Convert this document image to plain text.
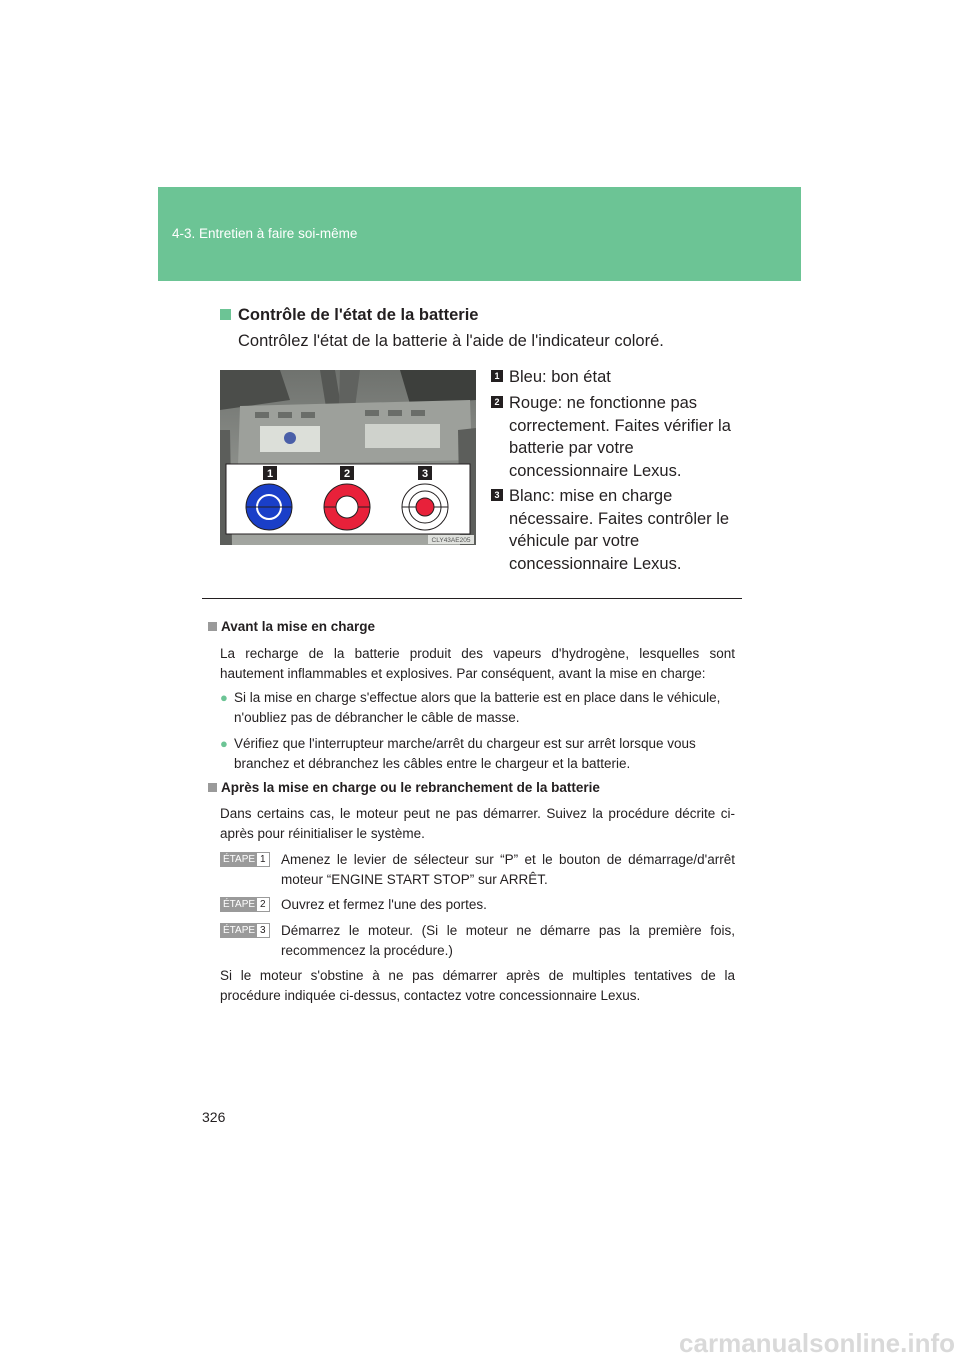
4-3. Entretien à faire soi-même
Contrôle de l'état de la batterie
Contrôlez l'état de la batterie à l'aide de l'indicateur coloré.
1	2	3
CLY43AE205
1 Bleu: bon état
2 Rouge: ne fonctionne pas correctement. Faites vérifier la batterie par votre concessionnaire Lexus.
3 Blanc: mise en charge nécessaire. Faites contrôler le véhicule par votre concessionnaire Lexus.
Avant la mise en charge
La recharge de la batterie produit des vapeurs d'hydrogène, lesquelles sont hautement inflammables et explosives. Par conséquent, avant la mise en charge:
● Si la mise en charge s'effectue alors que la batterie est en place dans le véhicule, n'oubliez pas de débrancher le câble de masse.
● Vérifiez que l'interrupteur marche/arrêt du chargeur est sur arrêt lorsque vous branchez et débranchez les câbles entre le chargeur et la batterie.
Après la mise en charge ou le rebranchement de la batterie
Dans certains cas, le moteur peut ne pas démarrer. Suivez la procédure décrite ci-après pour réinitialiser le système.
ÉTAPE 1 Amenez le levier de sélecteur sur “P” et le bouton de démarrage/d'arrêt moteur “ENGINE START STOP” sur ARRÊT.
ÉTAPE 2 Ouvrez et fermez l'une des portes.
ÉTAPE 3 Démarrez le moteur. (Si le moteur ne démarre pas la première fois, recommencez la procédure.)
Si le moteur s'obstine à ne pas démarrer après de multiples tentatives de la procédure indiquée ci-dessus, contactez votre concessionnaire Lexus.
326
carmanualsonline.info
